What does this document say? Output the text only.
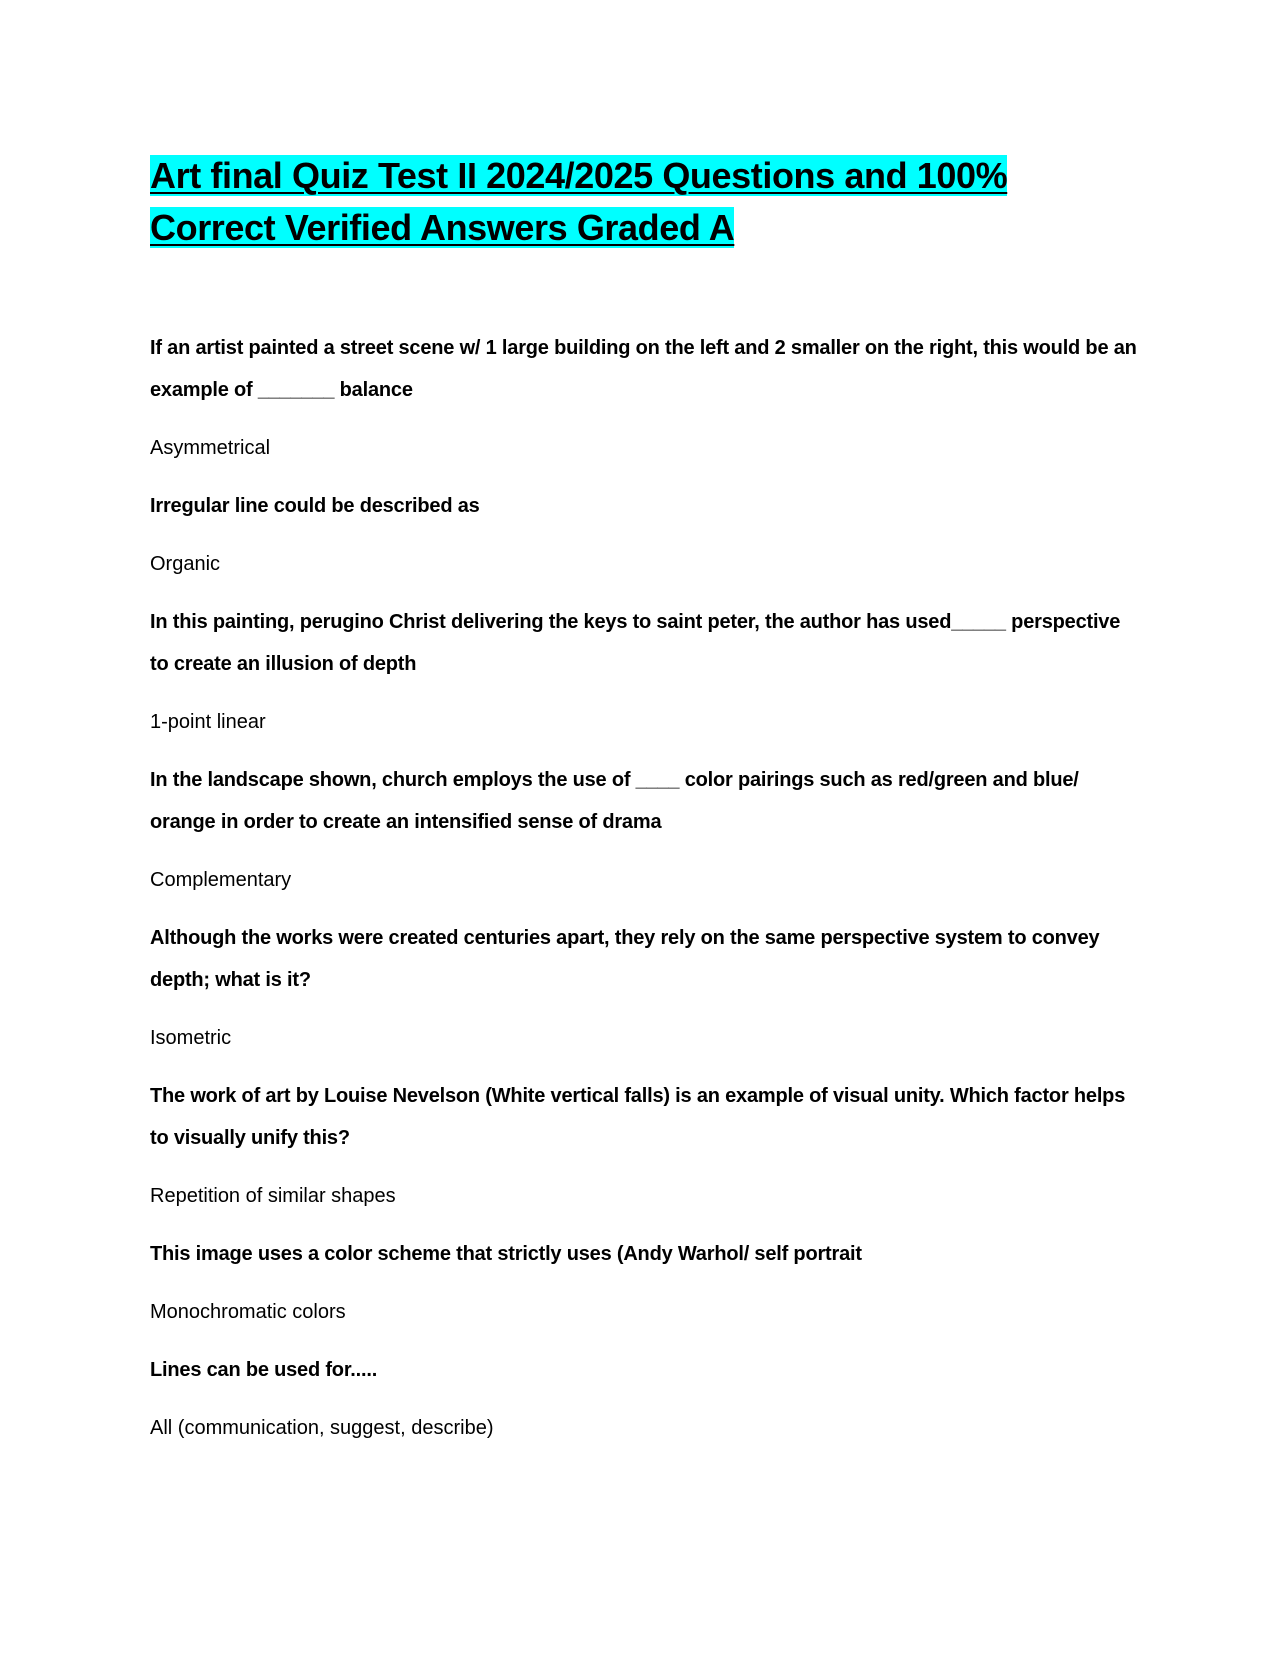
Art final Quiz Test II 2024/2025 Questions and 100% Correct Verified Answers Graded A

If an artist painted a street scene w/ 1 large building on the left and 2 smaller on the right, this would be an example of _______ balance

Asymmetrical

Irregular line could be described as

Organic

In this painting, perugino Christ delivering the keys to saint peter, the author has used_____ perspective to create an illusion of depth

1-point linear

In the landscape shown, church employs the use of ____ color pairings such as red/green and blue/ orange in order to create an intensified sense of drama

Complementary

Although the works were created centuries apart, they rely on the same perspective system to convey depth; what is it?

Isometric

The work of art by Louise Nevelson (White vertical falls) is an example of visual unity. Which factor helps to visually unify this?

Repetition of similar shapes

This image uses a color scheme that strictly uses (Andy Warhol/ self portrait

Monochromatic colors

Lines can be used for.....

All (communication, suggest, describe)
